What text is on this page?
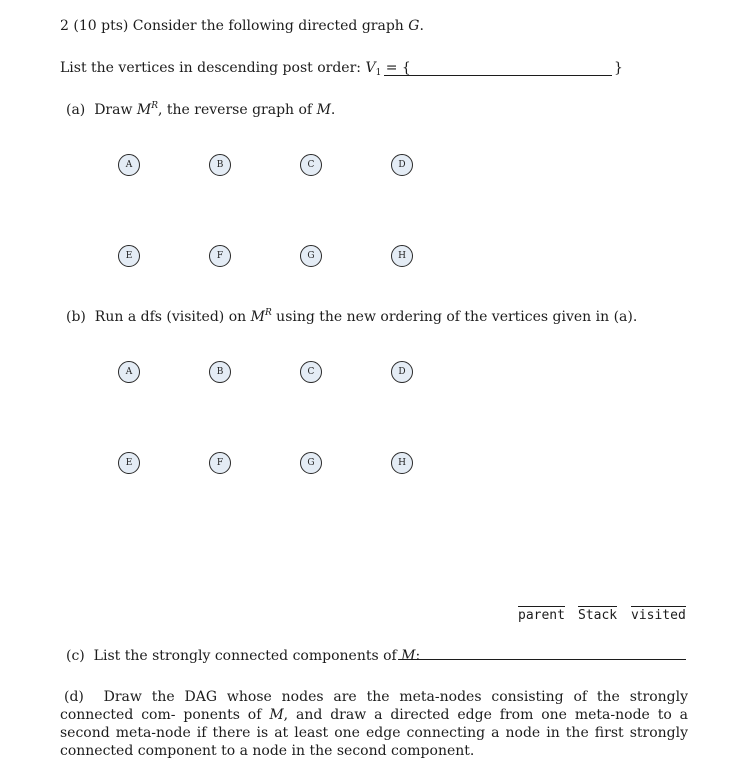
2 (10 pts) Consider the following directed graph G.
List the vertices in descending post order: $V_1$ = {	}
(a) Draw $M^R$, the reverse graph of M.
A	B	C	D
E	F	G	H
(b) Run a dfs (visited) on $M^R$ using the new ordering of the vertices given in (a).
A	B	C	D
E	F	G	H
parent Stack visited
(c) List the strongly connected components of M:
(d) Draw the DAG whose nodes are the meta-nodes consisting of the strongly connected com- ponents of M, and draw a directed edge from one meta-node to a second meta-node if there is at least one edge connecting a node in the first strongly connected component to a node in the second component.
